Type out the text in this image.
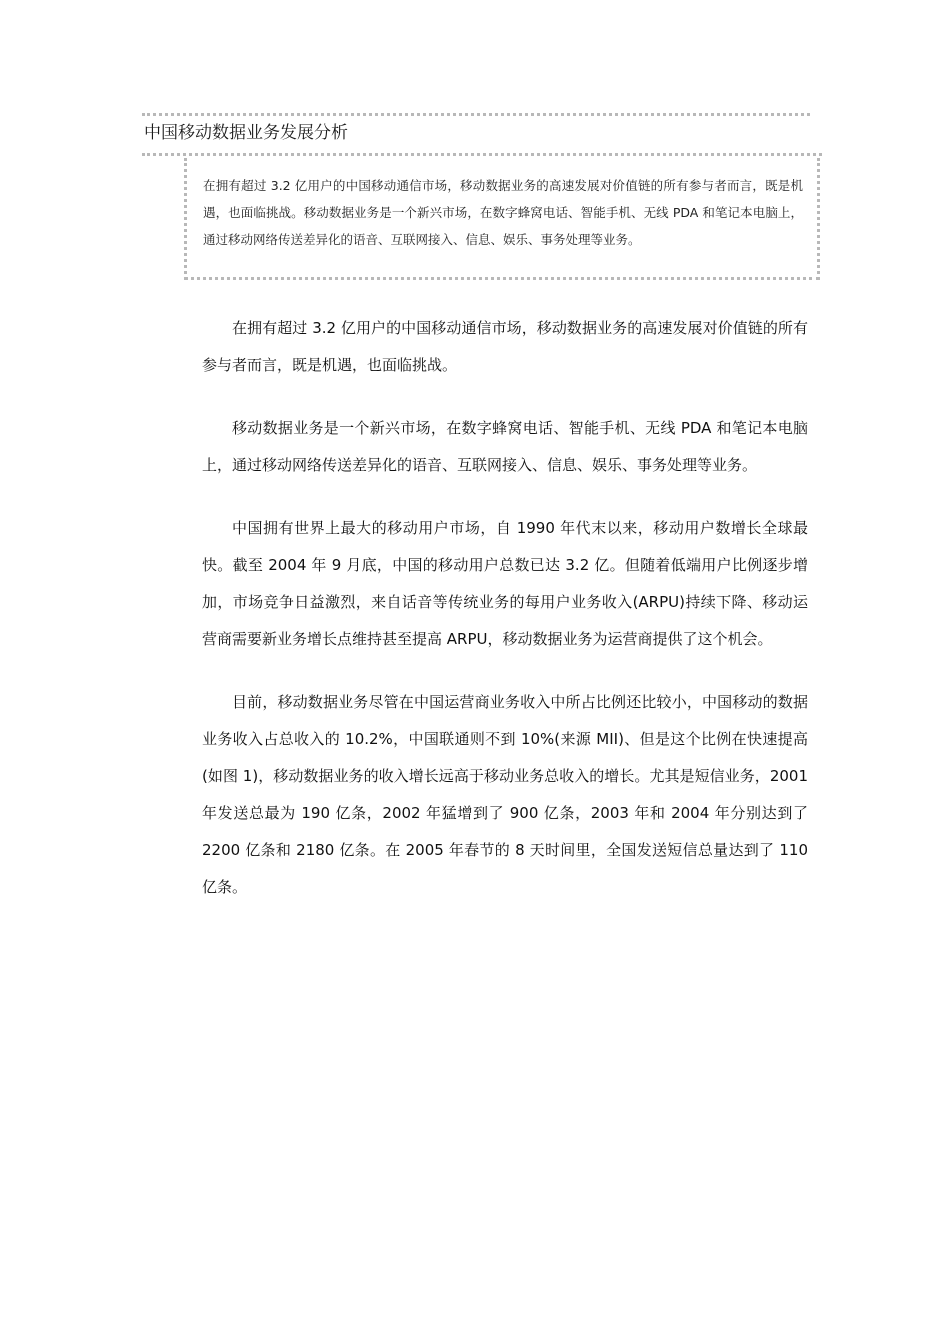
中国移动数据业务发展分析
在拥有超过 3.2 亿用户的中国移动通信市场，移动数据业务的高速发展对价值链的所有参与者而言，既是机遇，也面临挑战。移动数据业务是一个新兴市场，在数字蜂窝电话、智能手机、无线 PDA 和笔记本电脑上，通过移动网络传送差异化的语音、互联网接入、信息、娱乐、事务处理等业务。

在拥有超过 3.2 亿用户的中国移动通信市场，移动数据业务的高速发展对价值链的所有参与者而言，既是机遇，也面临挑战。

移动数据业务是一个新兴市场，在数字蜂窝电话、智能手机、无线 PDA 和笔记本电脑上，通过移动网络传送差异化的语音、互联网接入、信息、娱乐、事务处理等业务。

中国拥有世界上最大的移动用户市场，自 1990 年代末以来，移动用户数增长全球最快。截至 2004 年 9 月底，中国的移动用户总数已达 3.2 亿。但随着低端用户比例逐步增加，市场竞争日益激烈，来自话音等传统业务的每用户业务收入(ARPU)持续下降、移动运营商需要新业务增长点维持甚至提高 ARPU，移动数据业务为运营商提供了这个机会。

目前，移动数据业务尽管在中国运营商业务收入中所占比例还比较小，中国移动的数据业务收入占总收入的 10.2%，中国联通则不到 10%(来源 MII)、但是这个比例在快速提高(如图 1)，移动数据业务的收入增长远高于移动业务总收入的增长。尤其是短信业务，2001 年发送总最为 190 亿条，2002 年猛增到了 900 亿条，2003 年和 2004 年分别达到了 2200 亿条和 2180 亿条。在 2005 年春节的 8 天时间里，全国发送短信总量达到了 110 亿条。
